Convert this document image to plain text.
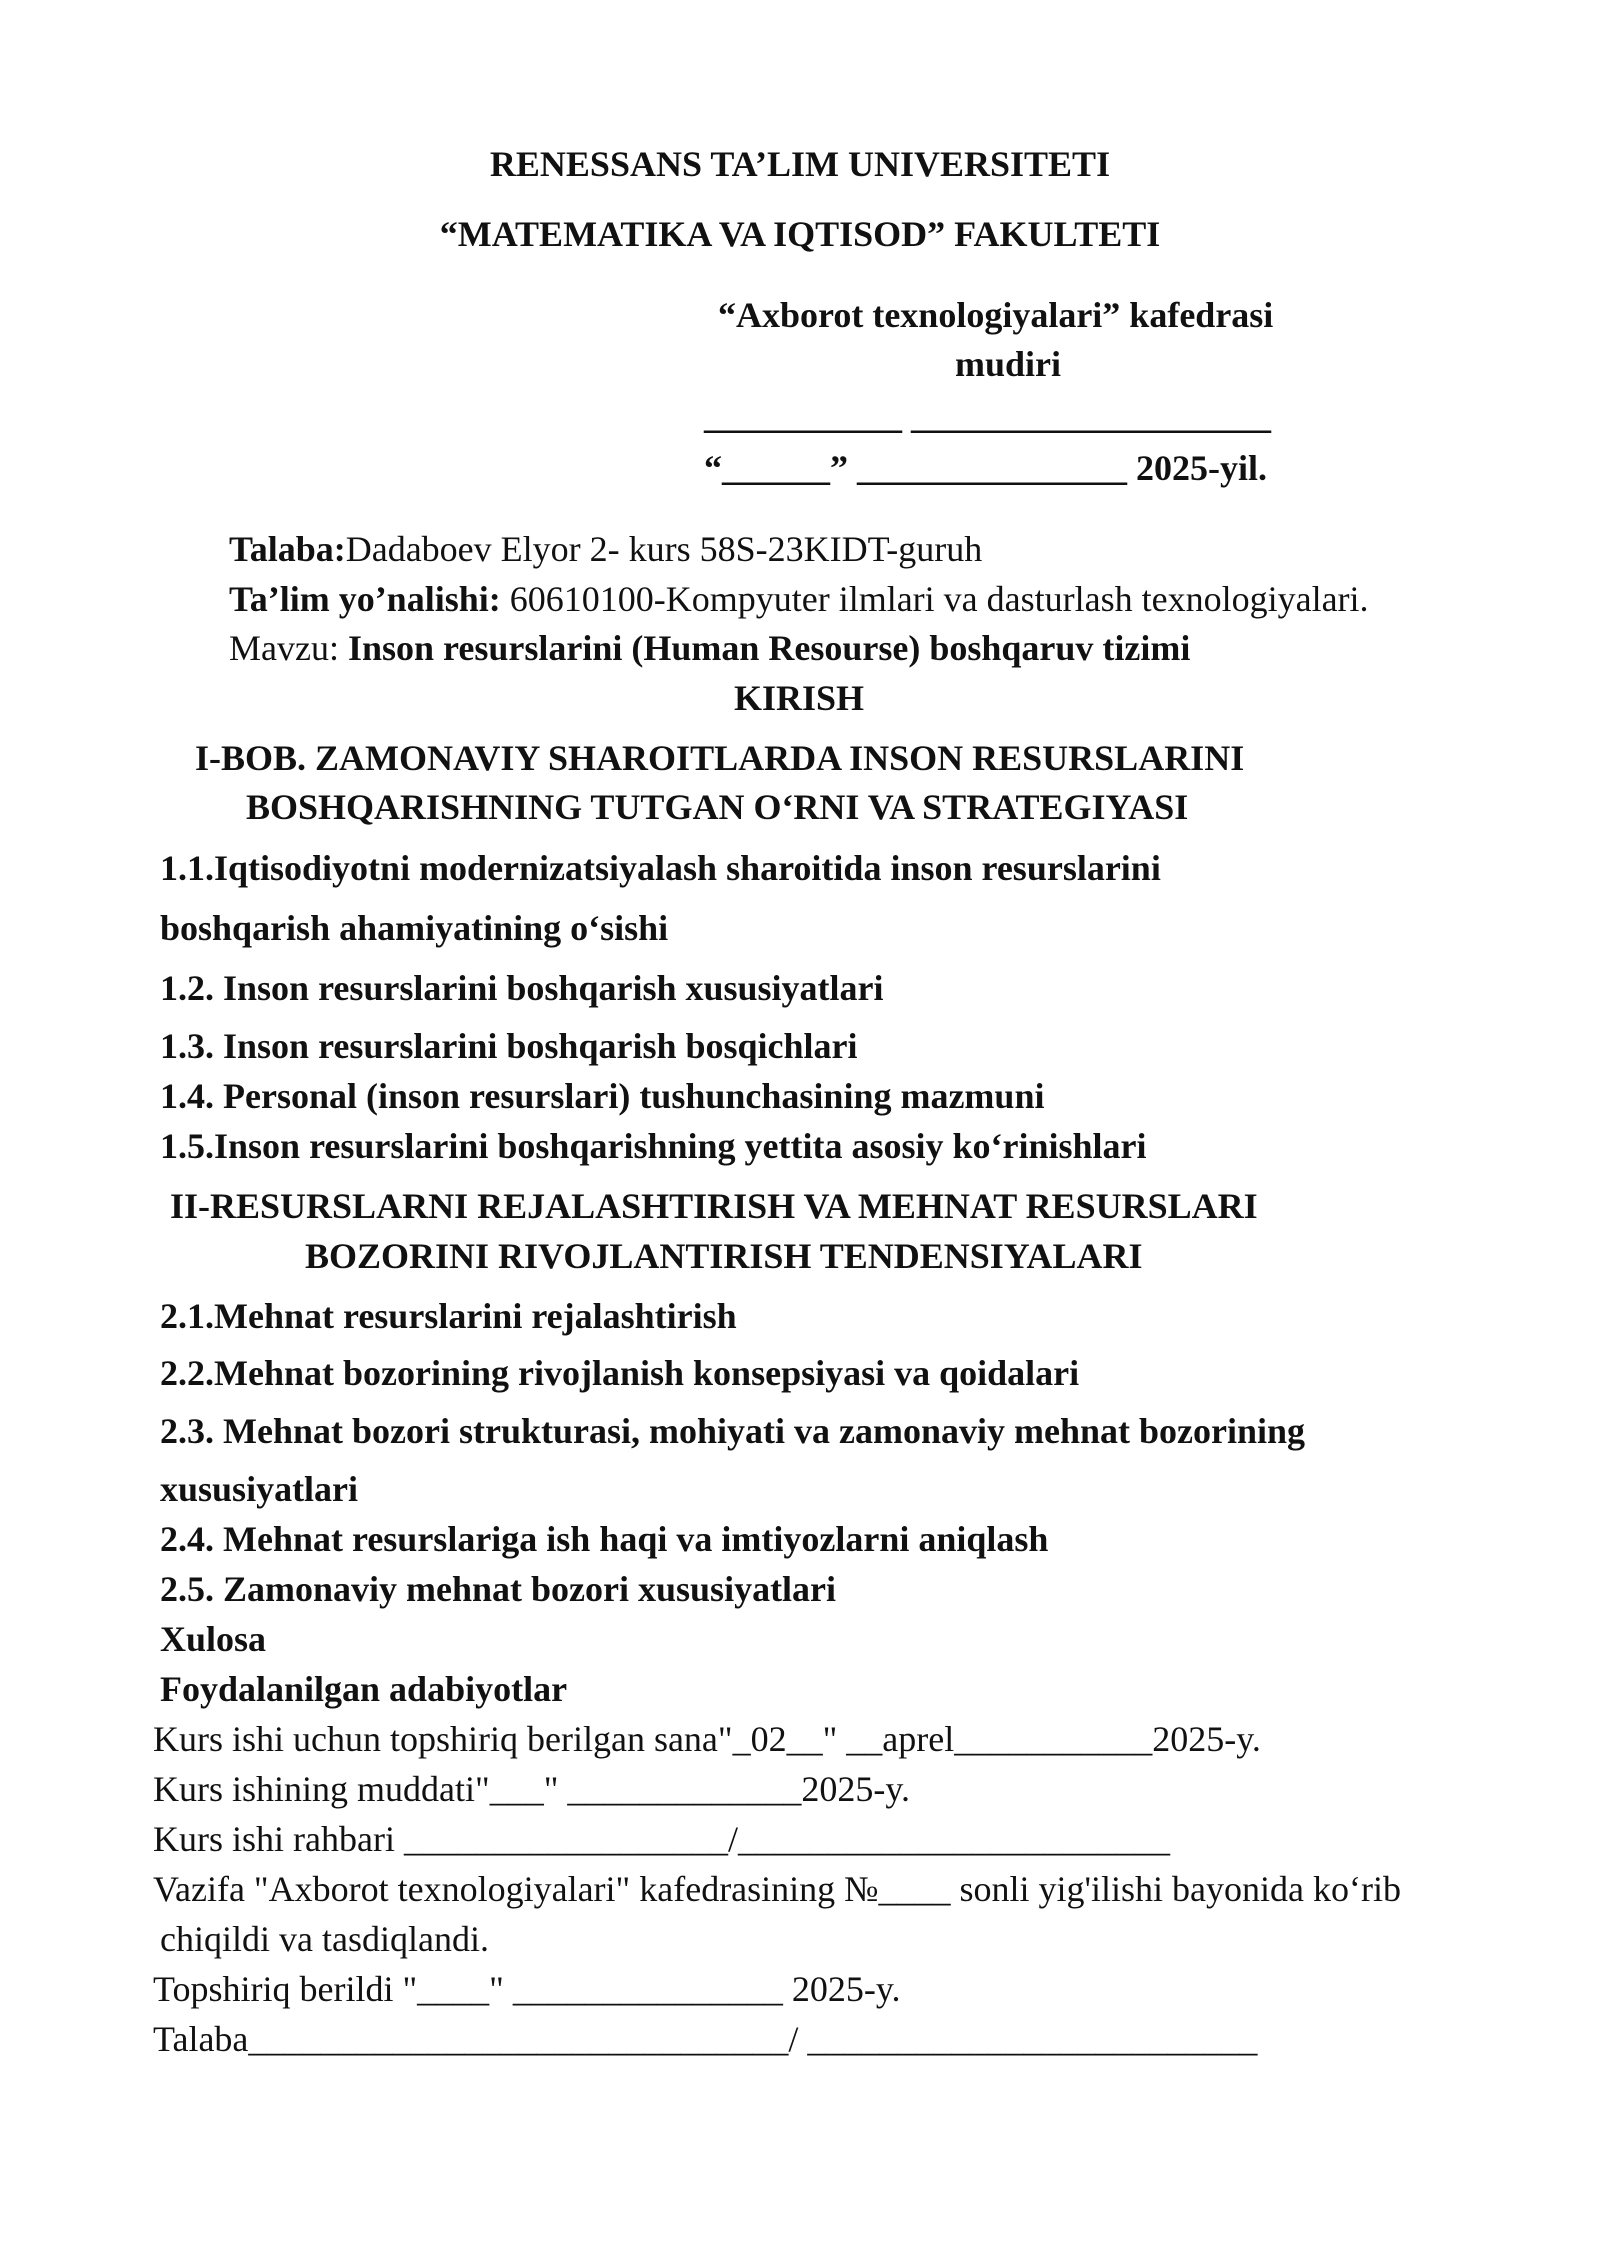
RENESSANS TA’LIM UNIVERSITETI
“MATEMATIKA VA IQTISOD” FAKULTETI
“Axborot texnologiyalari” kafedrasi
mudiri
___________ ____________________
“______” _______________ 2025-yil.
Talaba:Dadaboev Elyor 2- kurs 58S-23KIDT-guruh
Ta’lim yo’nalishi: 60610100-Kompyuter ilmlari va dasturlash texnologiyalari.
Mavzu: Inson resurslarini (Human Resourse) boshqaruv tizimi
KIRISH
I-BOB. ZAMONAVIY SHAROITLARDA INSON RESURSLARINI
BOSHQARISHNING TUTGAN O‘RNI VA STRATEGIYASI
1.1.Iqtisodiyotni modernizatsiyalash sharoitida inson resurslarini
boshqarish ahamiyatining o‘sishi
1.2. Inson resurslarini boshqarish xususiyatlari
1.3. Inson resurslarini boshqarish bosqichlari
1.4. Personal (inson resurslari) tushunchasining mazmuni
1.5.Inson resurslarini boshqarishning yettita asosiy ko‘rinishlari
II-RESURSLARNI REJALASHTIRISH VA MEHNAT RESURSLARI
BOZORINI RIVOJLANTIRISH TENDENSIYALARI
2.1.Mehnat resurslarini rejalashtirish
2.2.Mehnat bozorining rivojlanish konsepsiyasi va qoidalari
2.3. Mehnat bozori strukturasi, mohiyati va zamonaviy mehnat bozorining
xususiyatlari
2.4. Mehnat resurslariga ish haqi va imtiyozlarni aniqlash
2.5. Zamonaviy mehnat bozori xususiyatlari
Xulosa
Foydalanilgan adabiyotlar
Kurs ishi uchun topshiriq berilgan sana"_02__" __aprel___________2025-y.
Kurs ishining muddati"___" _____________2025-y.
Kurs ishi rahbari __________________/________________________
Vazifa "Axborot texnologiyalari" kafedrasining №____ sonli yig'ilishi bayonida ko‘rib
chiqildi va tasdiqlandi.
Topshiriq berildi "____" _______________ 2025-y.
Talaba______________________________/ _________________________
